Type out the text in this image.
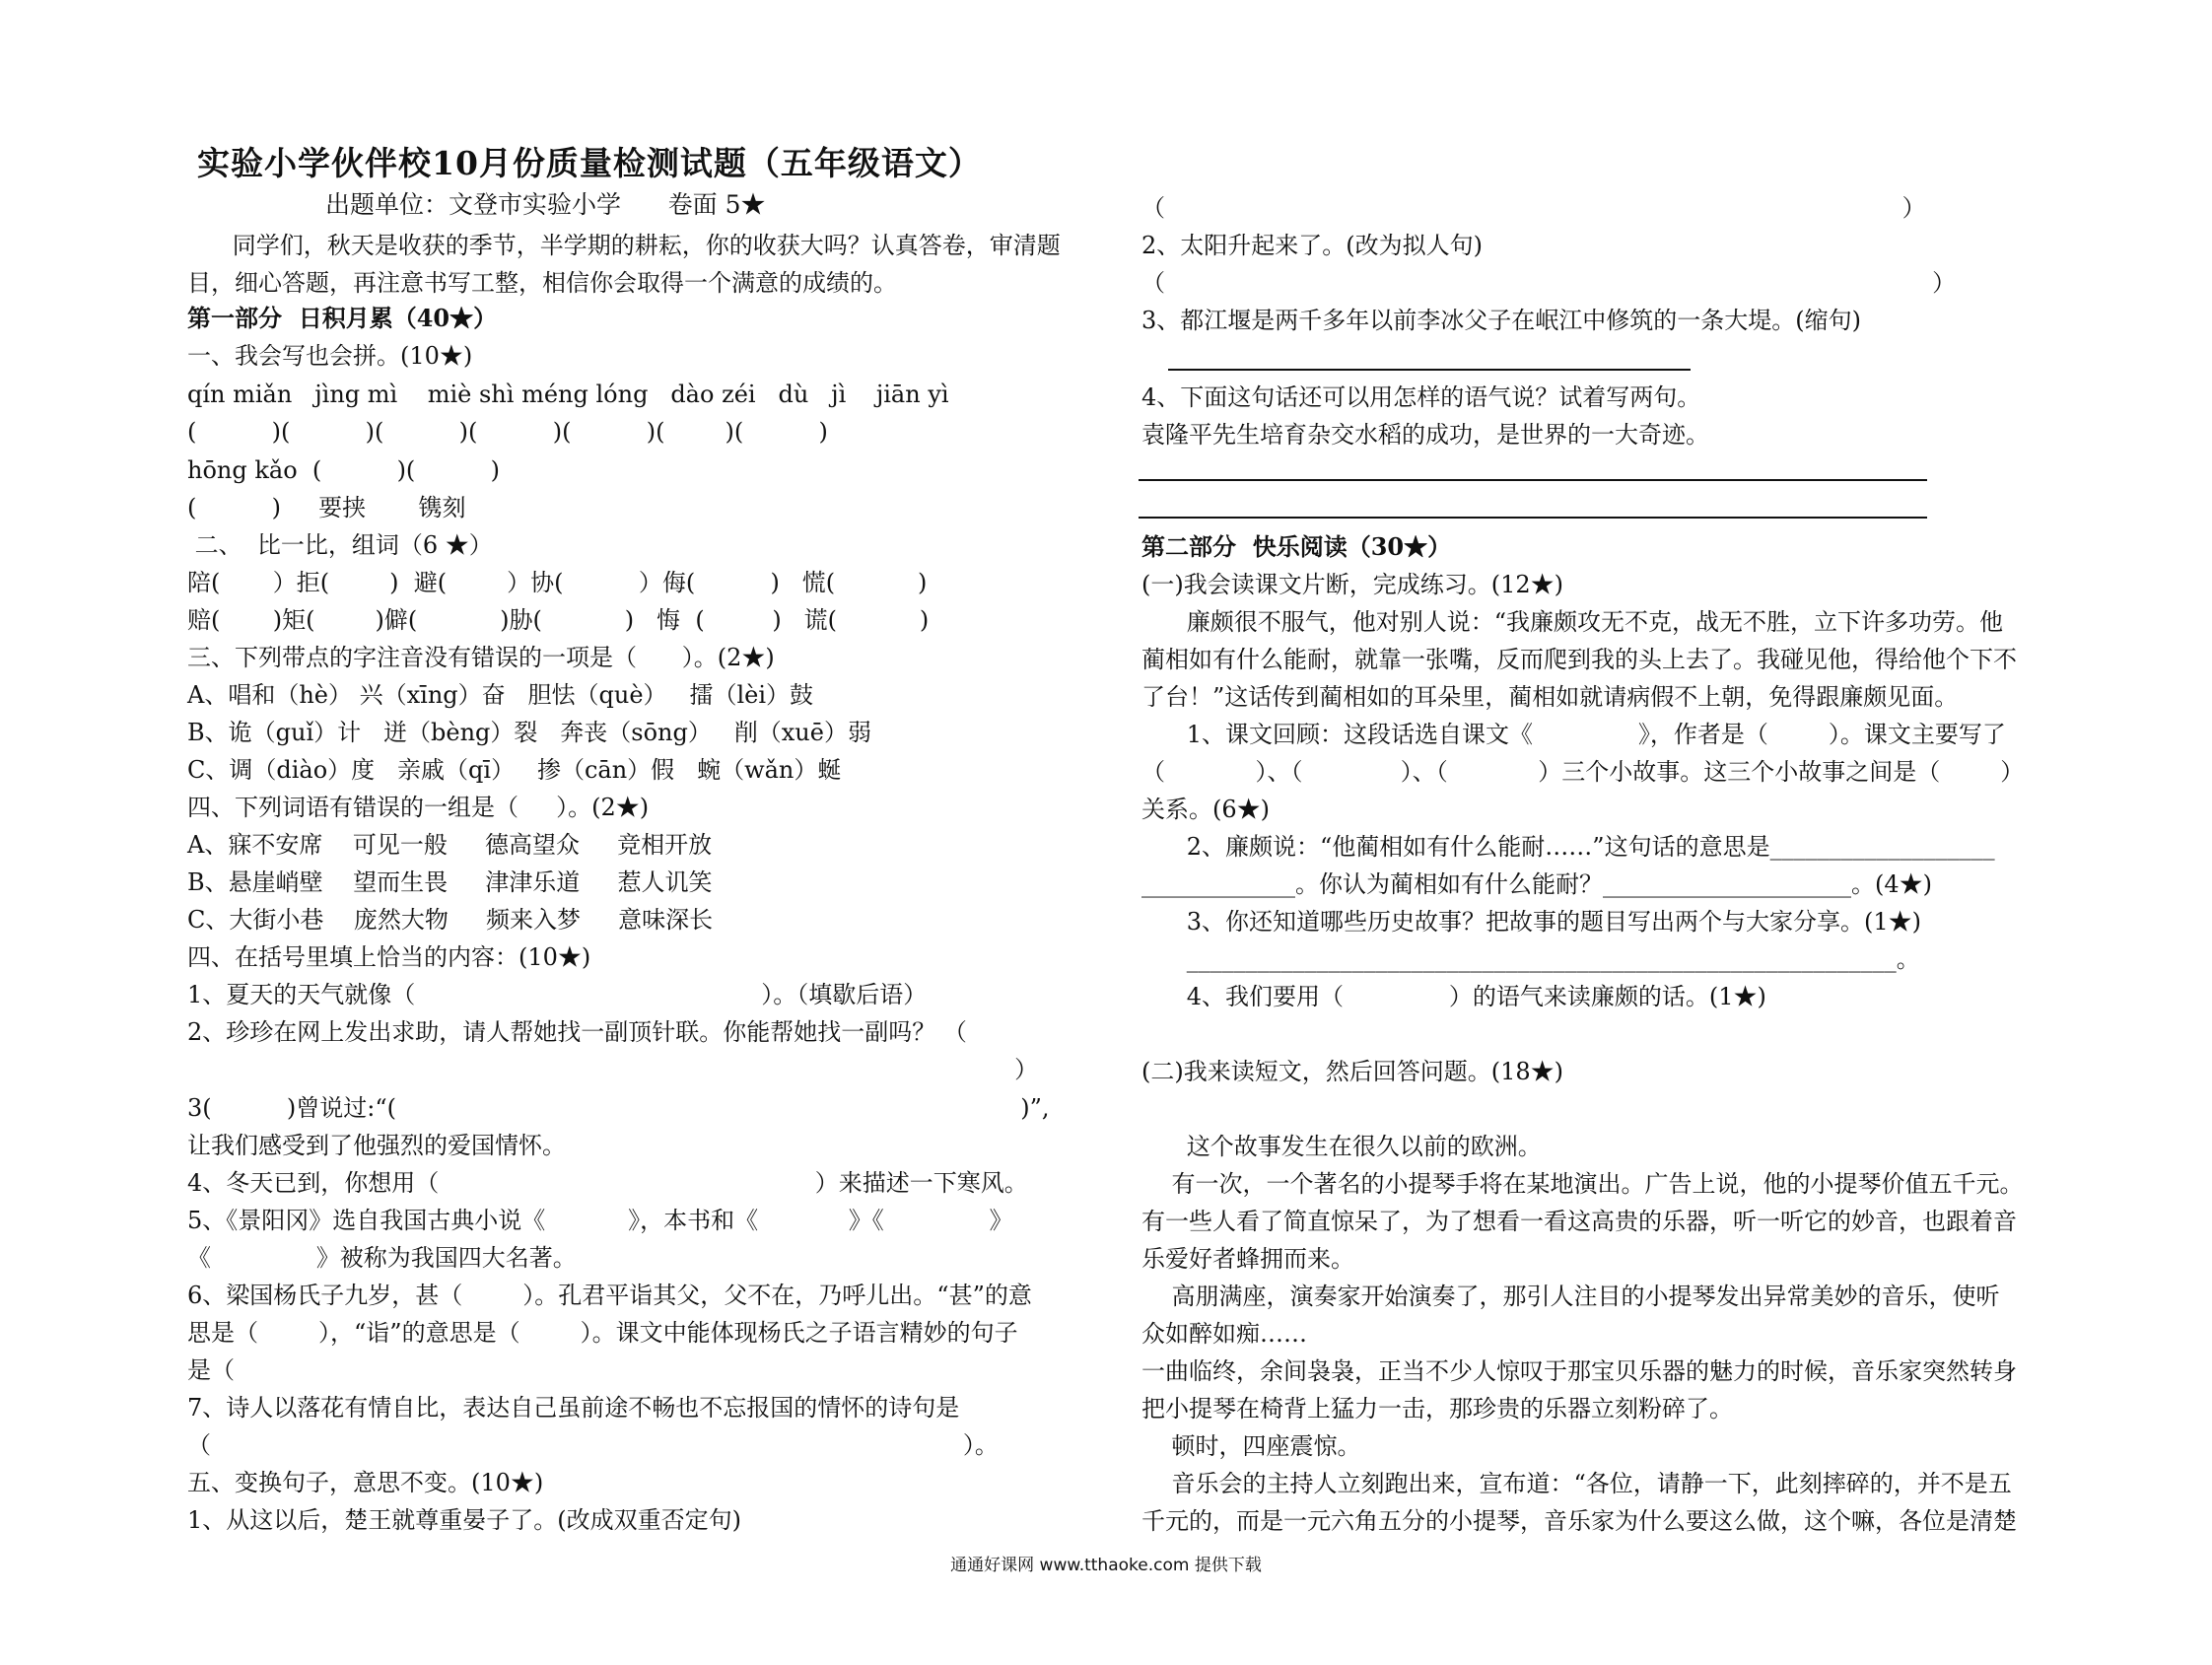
实验小学伙伴校10月份质量检测试题（五年级语文）
出题单位：文登市实验小学      卷面 5★
同学们，秋天是收获的季节，半学期的耕耘，你的收获大吗？认真答卷，审清题
目，细心答题，再注意书写工整，相信你会取得一个满意的成绩的。
第一部分  日积月累（40★）
一、我会写也会拼。(10★)
qín miǎn   jìng mì    miè shì méng lóng   dào zéi   dù   jì    jiān yì
(          )(          )(          )(          )(          )(        )(          )
hōng kǎo  (          )(          )
(          )     要挟       镌刻
二、  比一比，组词（6 ★）
陪(       ）拒(        )  避(        ）协(          ）侮(          )   慌(           )
赔(       )矩(        )僻(           )胁(           )   悔  (         )   谎(           )
三、下列带点的字注音没有错误的一项是（      ）。(2★)
A、唱和（hè） 兴（xīng）奋   胆怯（què）   擂（lèi）鼓
B、诡（guǐ）计   迸（bèng）裂   奔丧（sōng）   削（xuē）弱
C、调（diào）度   亲戚（qī）   掺（cān）假   蜿（wǎn）蜒
四、下列词语有错误的一组是（     ）。(2★)
A、寐不安席    可见一般     德高望众     竞相开放
B、悬崖峭壁    望而生畏     津津乐道     惹人讥笑
C、大街小巷    庞然大物     频来入梦     意味深长
四、在括号里填上恰当的内容：(10★)
1、夏天的天气就像（                                              ）。（填歇后语）
2、珍珍在网上发出求助，请人帮她找一副顶针联。你能帮她找一副吗？ （
）
3(          )曾说过:“(                                                                                   )”,
让我们感受到了他强烈的爱国情怀。
4、冬天已到，你想用（                                                  ）来描述一下寒风。
5、《景阳冈》选自我国古典小说《           》，本书和《            》《              》
《              》被称为我国四大名著。
6、梁国杨氏子九岁，甚（        ）。孔君平诣其父，父不在，乃呼儿出。“甚”的意
思是（        ），“诣”的意思是（        ）。课文中能体现杨氏之子语言精妙的句子
是（
7、诗人以落花有情自比，表达自己虽前途不畅也不忘报国的情怀的诗句是
（                                                                                                    ）。
五、变换句子，意思不变。(10★)
1、从这以后，楚王就尊重晏子了。(改成双重否定句)
（                                                                                                  ）
2、太阳升起来了。(改为拟人句)
（                                                                                                      ）
3、都江堰是两千多年以前李冰父子在岷江中修筑的一条大堤。(缩句)
4、下面这句话还可以用怎样的语气说？试着写两句。
袁隆平先生培育杂交水稻的成功，是世界的一大奇迹。
第二部分  快乐阅读（30★）
(一)我会读课文片断，完成练习。(12★)
廉颇很不服气，他对别人说：“我廉颇攻无不克，战无不胜，立下许多功劳。他
蔺相如有什么能耐，就靠一张嘴，反而爬到我的头上去了。我碰见他，得给他个下不
了台！”这话传到蔺相如的耳朵里，蔺相如就请病假不上朝，免得跟廉颇见面。
1、课文回顾：这段话选自课文《              》，作者是（        ）。课文主要写了
（            ）、（             ）、（            ）三个小故事。这三个小故事之间是（        ）
关系。(6★)
2、廉颇说：“他蔺相如有什么能耐……”这句话的意思是___________________
_____________。你认为蔺相如有什么能耐？_____________________。(4★)
3、你还知道哪些历史故事？把故事的题目写出两个与大家分享。(1★)
____________________________________________________________。
4、我们要用（              ）的语气来读廉颇的话。(1★)
(二)我来读短文，然后回答问题。(18★)
这个故事发生在很久以前的欧洲。
有一次，一个著名的小提琴手将在某地演出。广告上说，他的小提琴价值五千元。
有一些人看了简直惊呆了，为了想看一看这高贵的乐器，听一听它的妙音，也跟着音
乐爱好者蜂拥而来。
高朋满座，演奏家开始演奏了，那引人注目的小提琴发出异常美妙的音乐，使听
众如醉如痴……
一曲临终，余间袅袅，正当不少人惊叹于那宝贝乐器的魅力的时候，音乐家突然转身
把小提琴在椅背上猛力一击，那珍贵的乐器立刻粉碎了。
顿时，四座震惊。
音乐会的主持人立刻跑出来，宣布道：“各位，请静一下，此刻摔碎的，并不是五
千元的，而是一元六角五分的小提琴，音乐家为什么要这么做，这个嘛，各位是清楚
通通好课网 www.tthaoke.com 提供下载
